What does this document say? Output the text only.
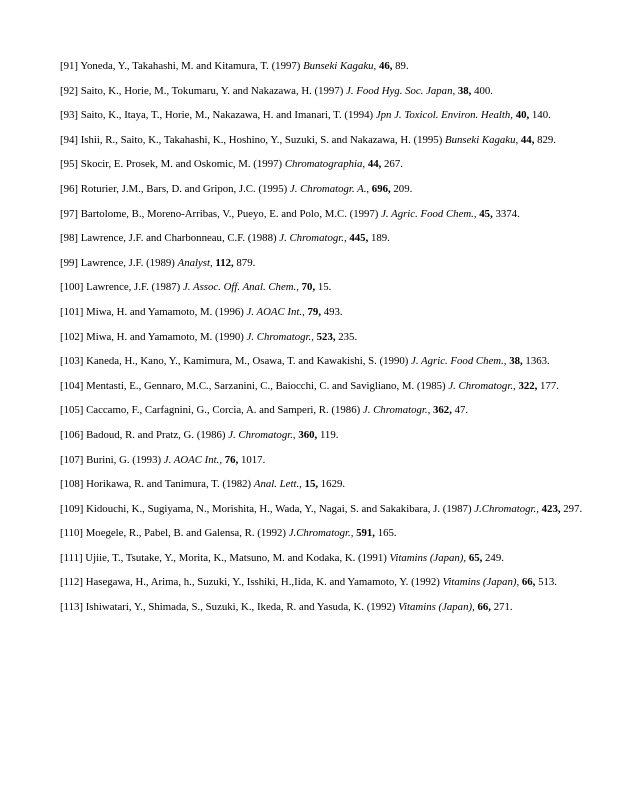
[91] Yoneda, Y., Takahashi, M. and Kitamura, T. (1997) Bunseki Kagaku, 46, 89.

[92] Saito, K., Horie, M., Tokumaru, Y. and Nakazawa, H. (1997) J. Food Hyg. Soc. Japan, 38, 400.

[93] Saito, K., Itaya, T., Horie, M., Nakazawa, H. and Imanari, T. (1994) Jpn J. Toxicol. Environ. Health, 40, 140.

[94] Ishii, R., Saito, K., Takahashi, K., Hoshino, Y., Suzuki, S. and Nakazawa, H. (1995) Bunseki Kagaku, 44, 829.

[95] Skocir, E. Prosek, M. and Oskomic, M. (1997) Chromatographia, 44, 267.

[96] Roturier, J.M., Bars, D. and Gripon, J.C. (1995) J. Chromatogr. A., 696, 209.

[97] Bartolome, B., Moreno-Arribas, V., Pueyo, E. and Polo, M.C. (1997) J. Agric. Food Chem., 45, 3374.

[98] Lawrence, J.F. and Charbonneau, C.F. (1988) J. Chromatogr., 445, 189.

[99] Lawrence, J.F. (1989) Analyst, 112, 879.

[100] Lawrence, J.F. (1987) J. Assoc. Off. Anal. Chem., 70, 15.

[101] Miwa, H. and Yamamoto, M. (1996) J. AOAC Int., 79, 493.

[102] Miwa, H. and Yamamoto, M. (1990) J. Chromatogr., 523, 235.

[103] Kaneda, H., Kano, Y., Kamimura, M., Osawa, T. and Kawakishi, S. (1990) J. Agric. Food Chem., 38, 1363.

[104] Mentasti, E., Gennaro, M.C., Sarzanini, C., Baiocchi, C. and Savigliano, M. (1985) J. Chromatogr., 322, 177.

[105] Caccamo, F., Carfagnini, G., Corcia, A. and Samperi, R. (1986) J. Chromatogr., 362, 47.

[106] Badoud, R. and Pratz, G. (1986) J. Chromatogr., 360, 119.

[107] Burini, G. (1993) J. AOAC Int., 76, 1017.

[108] Horikawa, R. and Tanimura, T. (1982) Anal. Lett., 15, 1629.

[109] Kidouchi, K., Sugiyama, N., Morishita, H., Wada, Y., Nagai, S. and Sakakibara, J. (1987) J.Chromatogr., 423, 297.

[110] Moegele, R., Pabel, B. and Galensa, R. (1992) J.Chromatogr., 591, 165.

[111] Ujiie, T., Tsutake, Y., Morita, K., Matsuno, M. and Kodaka, K. (1991) Vitamins (Japan), 65, 249.

[112] Hasegawa, H., Arima, h., Suzuki, Y., Isshiki, H.,Iida, K. and Yamamoto, Y. (1992) Vitamins (Japan), 66, 513.

[113] Ishiwatari, Y., Shimada, S., Suzuki, K., Ikeda, R. and Yasuda, K. (1992) Vitamins (Japan), 66, 271.
